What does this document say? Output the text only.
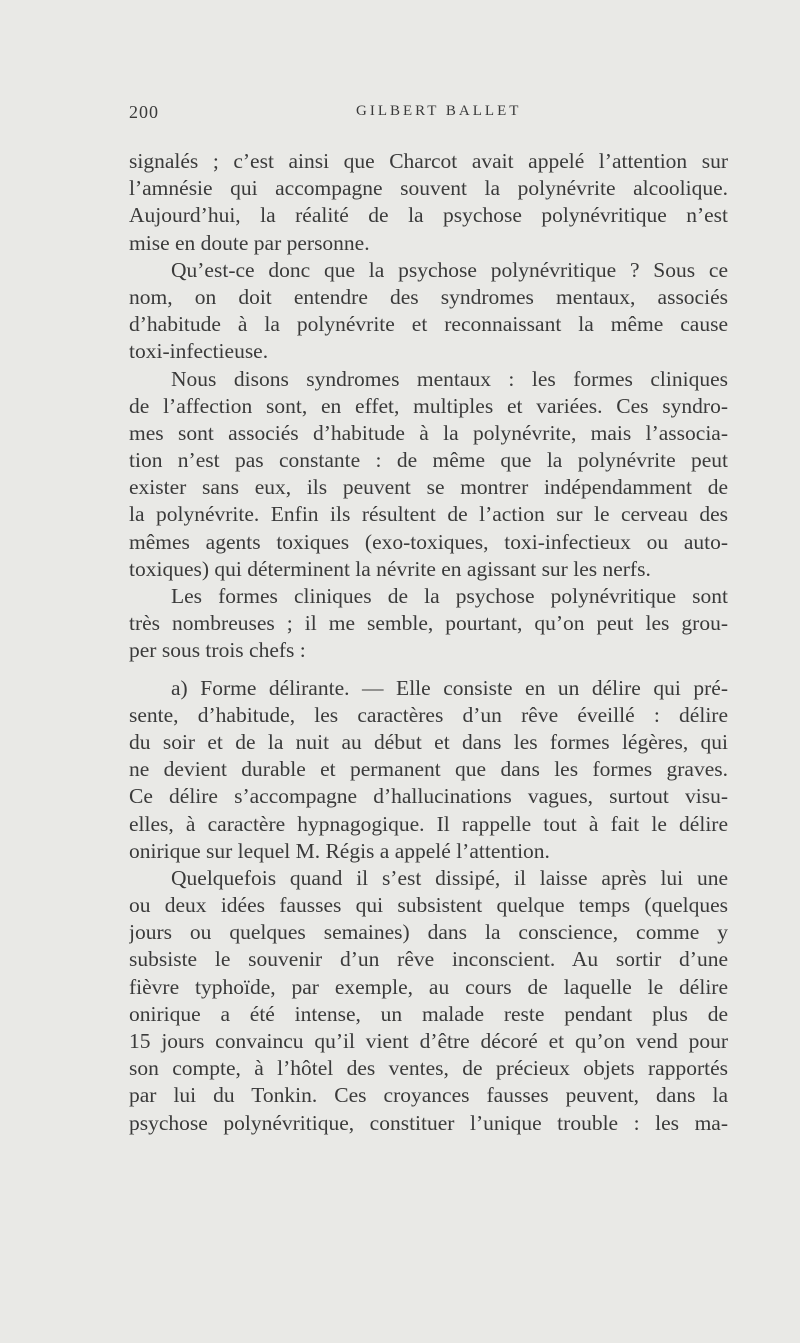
200	GILBERT BALLET
signalés ; c’est ainsi que Charcot avait appelé l’attention sur
l’amnésie qui accompagne souvent la polynévrite alcoolique.
Aujourd’hui, la réalité de la psychose polynévritique n’est
mise en doute par personne.
Qu’est-ce donc que la psychose polynévritique ? Sous ce
nom, on doit entendre des syndromes mentaux, associés
d’habitude à la polynévrite et reconnaissant la même cause
toxi-infectieuse.
Nous disons syndromes mentaux : les formes cliniques
de l’affection sont, en effet, multiples et variées. Ces syndro-
mes sont associés d’habitude à la polynévrite, mais l’associa-
tion n’est pas constante : de même que la polynévrite peut
exister sans eux, ils peuvent se montrer indépendamment de
la polynévrite. Enfin ils résultent de l’action sur le cerveau des
mêmes agents toxiques (exo-toxiques, toxi-infectieux ou auto-
toxiques) qui déterminent la névrite en agissant sur les nerfs.
Les formes cliniques de la psychose polynévritique sont
très nombreuses ; il me semble, pourtant, qu’on peut les grou-
per sous trois chefs :
a) Forme délirante. — Elle consiste en un délire qui pré-
sente, d’habitude, les caractères d’un rêve éveillé : délire
du soir et de la nuit au début et dans les formes légères, qui
ne devient durable et permanent que dans les formes graves.
Ce délire s’accompagne d’hallucinations vagues, surtout visu-
elles, à caractère hypnagogique. Il rappelle tout à fait le délire
onirique sur lequel M. Régis a appelé l’attention.
Quelquefois quand il s’est dissipé, il laisse après lui une
ou deux idées fausses qui subsistent quelque temps (quelques
jours ou quelques semaines) dans la conscience, comme y
subsiste le souvenir d’un rêve inconscient. Au sortir d’une
fièvre typhoïde, par exemple, au cours de laquelle le délire
onirique a été intense, un malade reste pendant plus de
15 jours convaincu qu’il vient d’être décoré et qu’on vend pour
son compte, à l’hôtel des ventes, de précieux objets rapportés
par lui du Tonkin. Ces croyances fausses peuvent, dans la
psychose polynévritique, constituer l’unique trouble : les ma-
